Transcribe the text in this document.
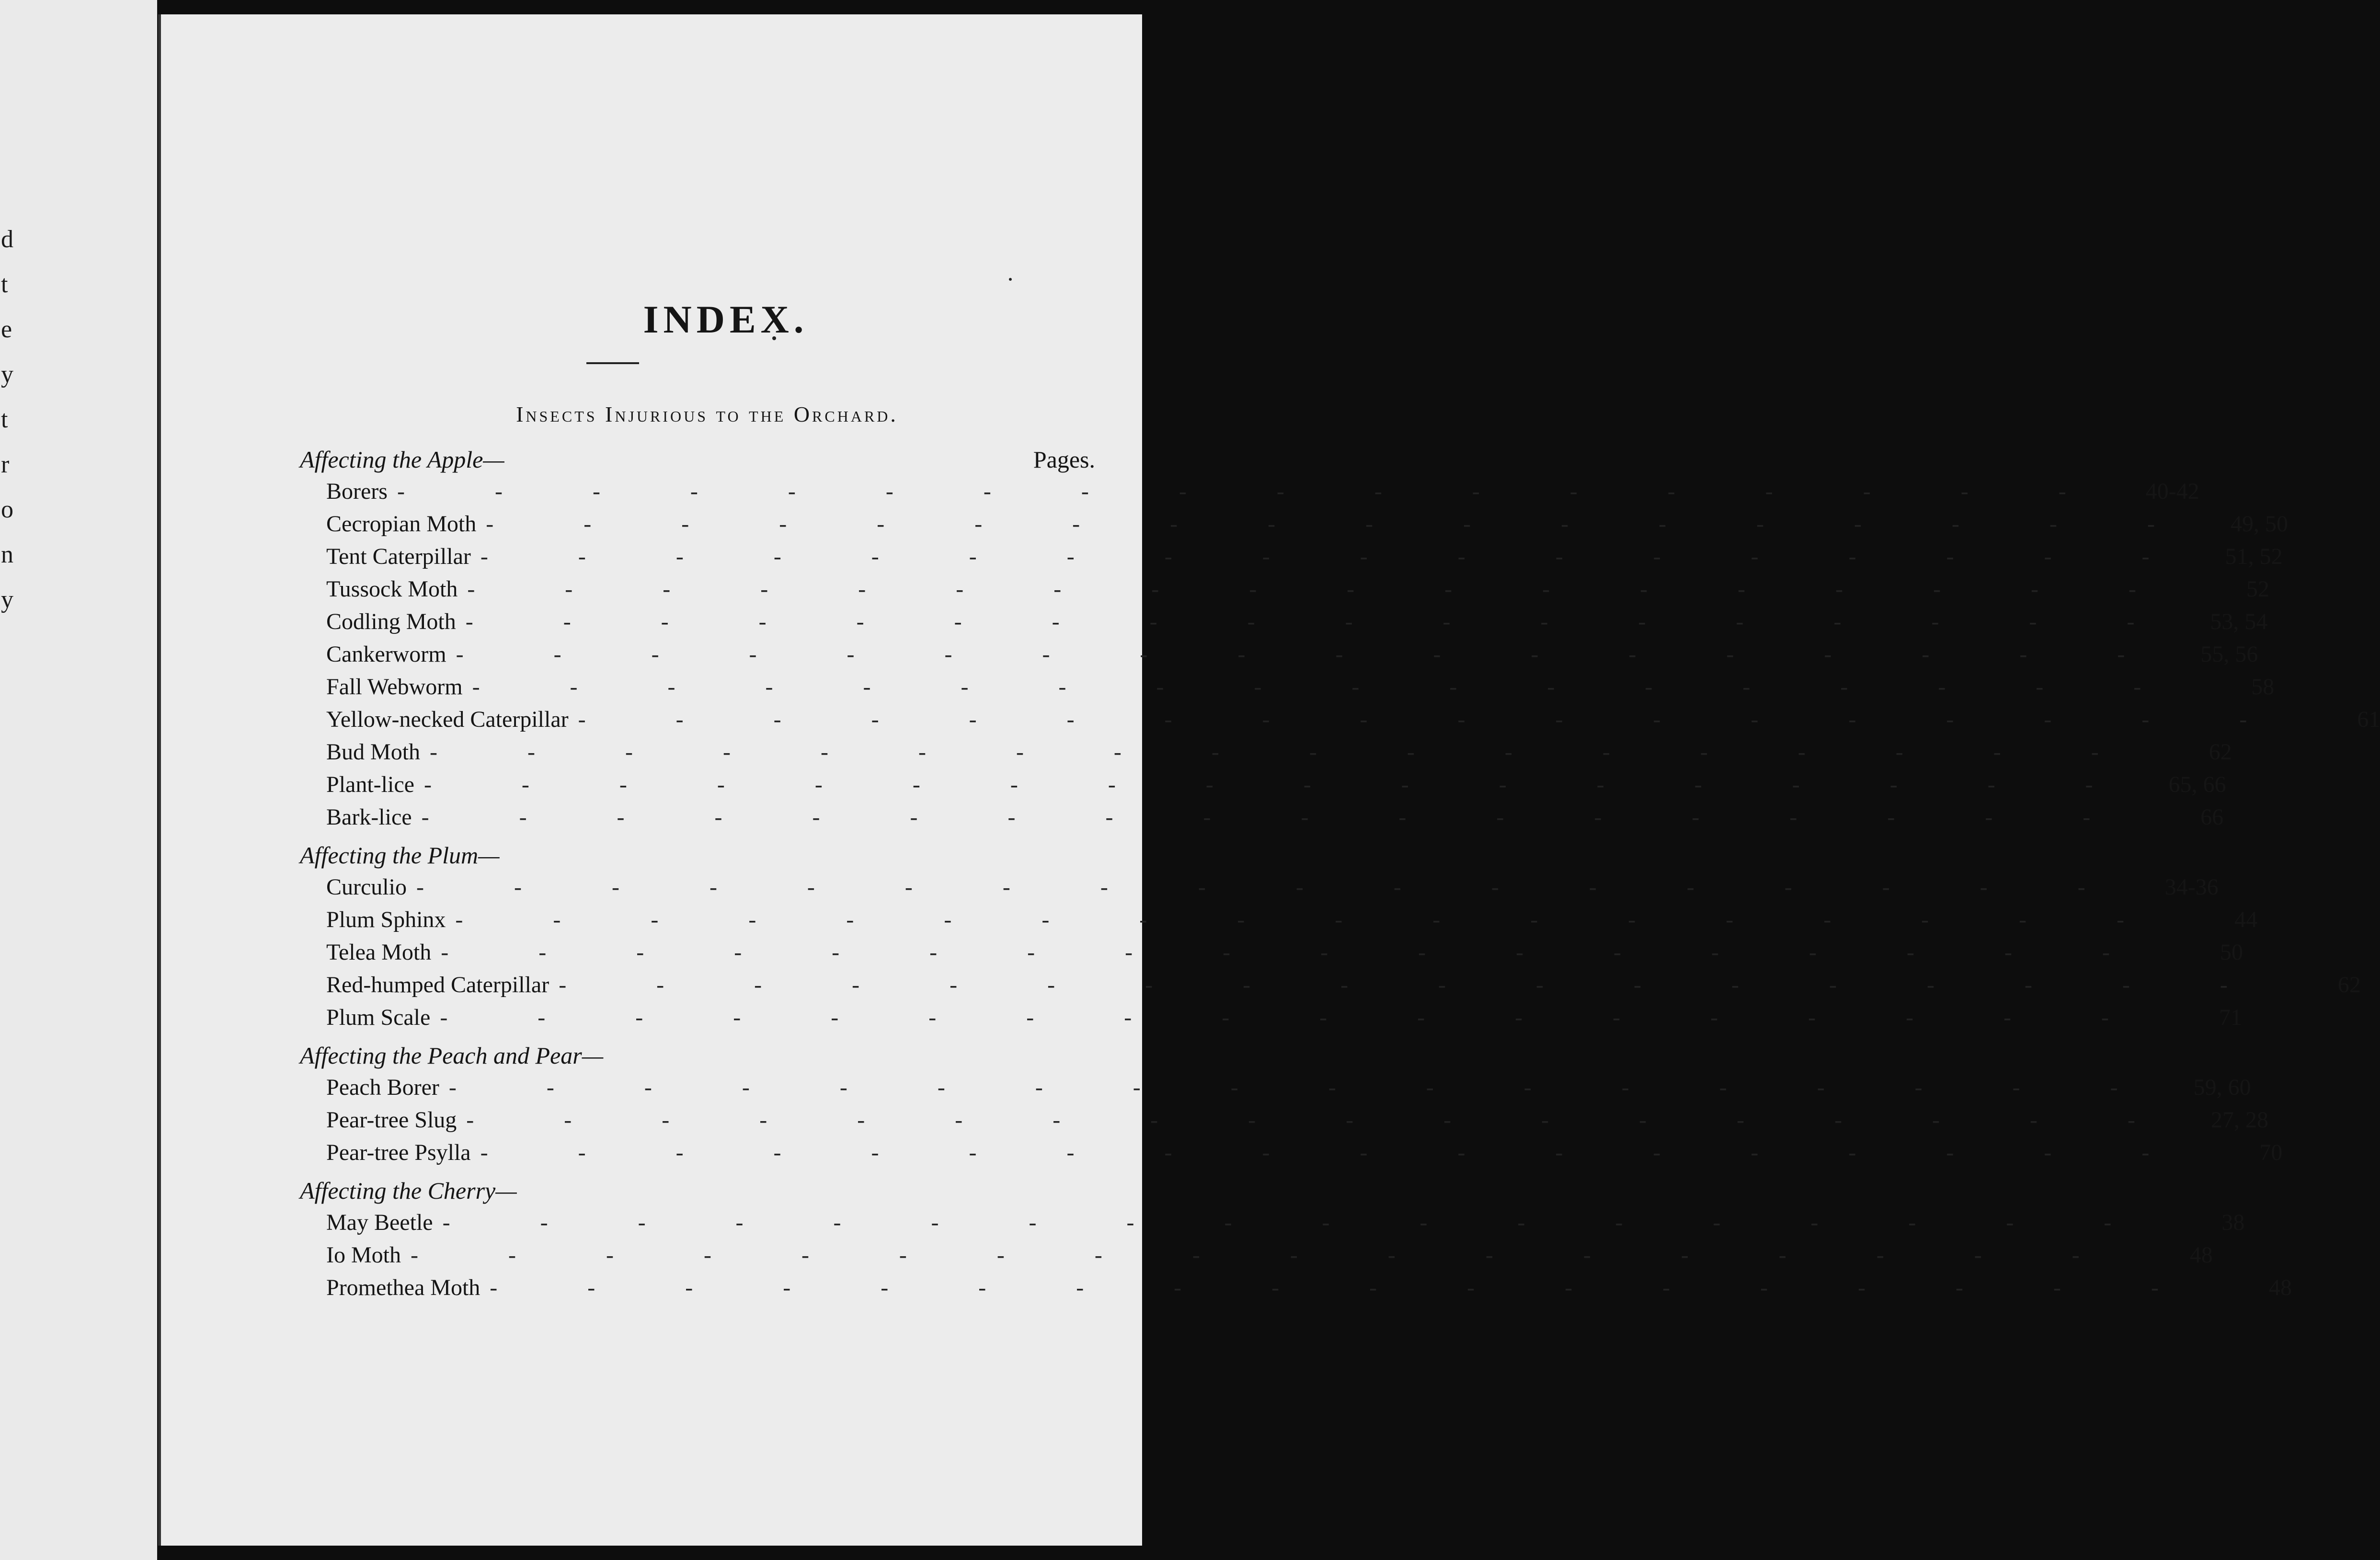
d
t
e
y
t
r
o
n
y
INDEX.
Insects Injurious to the Orchard.
Affecting the Apple—	Pages.
Borers - - - - - - - - - - - - - - - - - -	40-42
Cecropian Moth - - - - - - - - - - - - - - - - - -	49, 50
Tent Caterpillar - - - - - - - - - - - - - - - - - -	51, 52
Tussock Moth - - - - - - - - - - - - - - - - - -	52
Codling Moth - - - - - - - - - - - - - - - - - -	53, 54
Cankerworm - - - - - - - - - - - - - - - - - -	55, 56
Fall Webworm - - - - - - - - - - - - - - - - - -	58
Yellow-necked Caterpillar - - - - - - - - - - - - - - - - - -	61
Bud Moth - - - - - - - - - - - - - - - - - -	62
Plant-lice - - - - - - - - - - - - - - - - - -	65, 66
Bark-lice - - - - - - - - - - - - - - - - - -	66
Affecting the Plum—
Curculio - - - - - - - - - - - - - - - - - -	34-36
Plum Sphinx - - - - - - - - - - - - - - - - - -	44
Telea Moth - - - - - - - - - - - - - - - - - -	50
Red-humped Caterpillar - - - - - - - - - - - - - - - - - -	62
Plum Scale - - - - - - - - - - - - - - - - - -	71
Affecting the Peach and Pear—
Peach Borer - - - - - - - - - - - - - - - - - -	59, 60
Pear-tree Slug - - - - - - - - - - - - - - - - - -	27, 28
Pear-tree Psylla - - - - - - - - - - - - - - - - - -	70
Affecting the Cherry—
May Beetle - - - - - - - - - - - - - - - - - -	38
Io Moth - - - - - - - - - - - - - - - - - -	48
Promethea Moth - - - - - - - - - - - - - - - - - -	48
